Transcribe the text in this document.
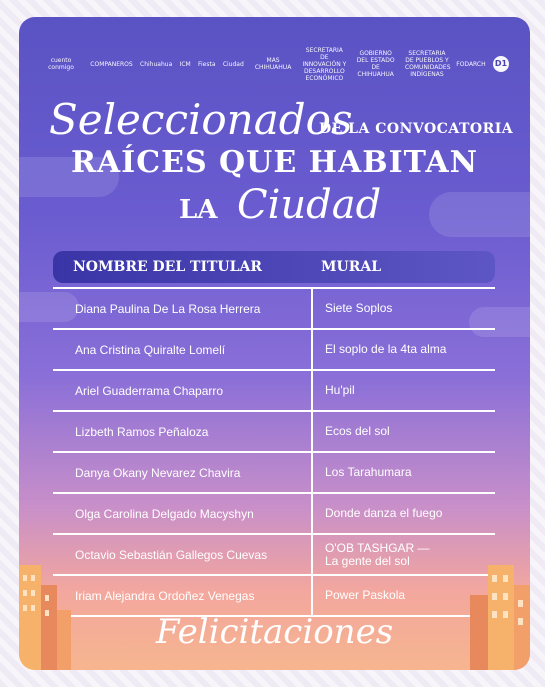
cuento conmigo	COMPAÑEROS Chihuahua ICM Fiesta Ciudad	MÁS CHIHUAHUA
SECRETARÍA DE INNOVACIÓN Y DESARROLLO ECONÓMICO
GOBIERNO DEL ESTADO DE CHIHUAHUA
SECRETARÍA DE PUEBLOS Y COMUNIDADES INDÍGENAS
FODARCH D1
Seleccionados
DE LA CONVOCATORIA
RAÍCES QUE HABITAN
LA Ciudad
NOMBRE DEL TITULAR	MURAL
Diana Paulina De La Rosa Herrera	Siete Soplos
Ana Cristina Quiralte Lomelí	El soplo de la 4ta alma
Ariel Guaderrama Chaparro	Hu'pil
Lizbeth Ramos Peñaloza	Ecos del sol
Danya Okany Nevarez Chavira	Los Tarahumara
Olga Carolina Delgado Macyshyn	Donde danza el fuego
Octavio Sebastián Gallegos Cuevas	O'OB TASHGAR —
La gente del sol
Iriam Alejandra Ordoñez Venegas	Power Paskola
Felicitaciones
